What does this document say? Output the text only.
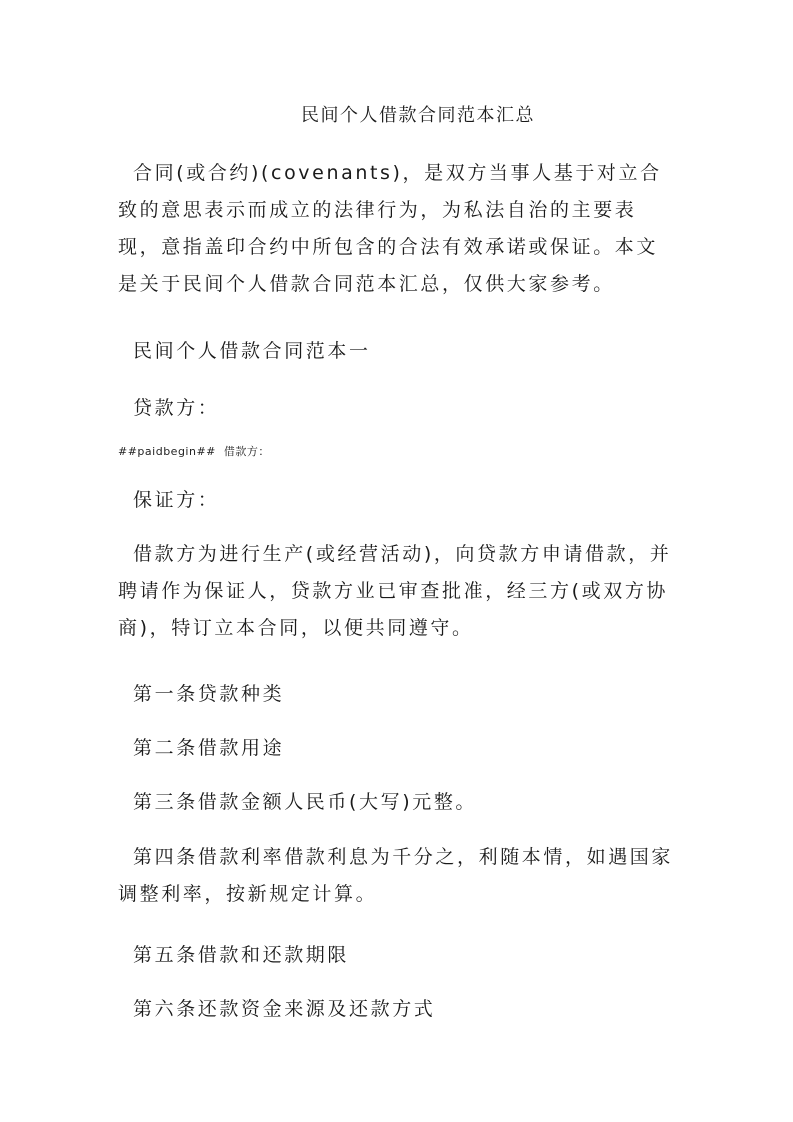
民间个人借款合同范本汇总
合同(或合约)(covenants)，是双方当事人基于对立合致的意思表示而成立的法律行为，为私法自治的主要表现，意指盖印合约中所包含的合法有效承诺或保证。本文是关于民间个人借款合同范本汇总，仅供大家参考。
民间个人借款合同范本一
贷款方：
##paidbegin## 借款方：
保证方：
借款方为进行生产(或经营活动)，向贷款方申请借款，并聘请作为保证人，贷款方业已审查批准，经三方(或双方协商)，特订立本合同，以便共同遵守。
第一条贷款种类
第二条借款用途
第三条借款金额人民币(大写)元整。
第四条借款利率借款利息为千分之，利随本情，如遇国家调整利率，按新规定计算。
第五条借款和还款期限
第六条还款资金来源及还款方式
